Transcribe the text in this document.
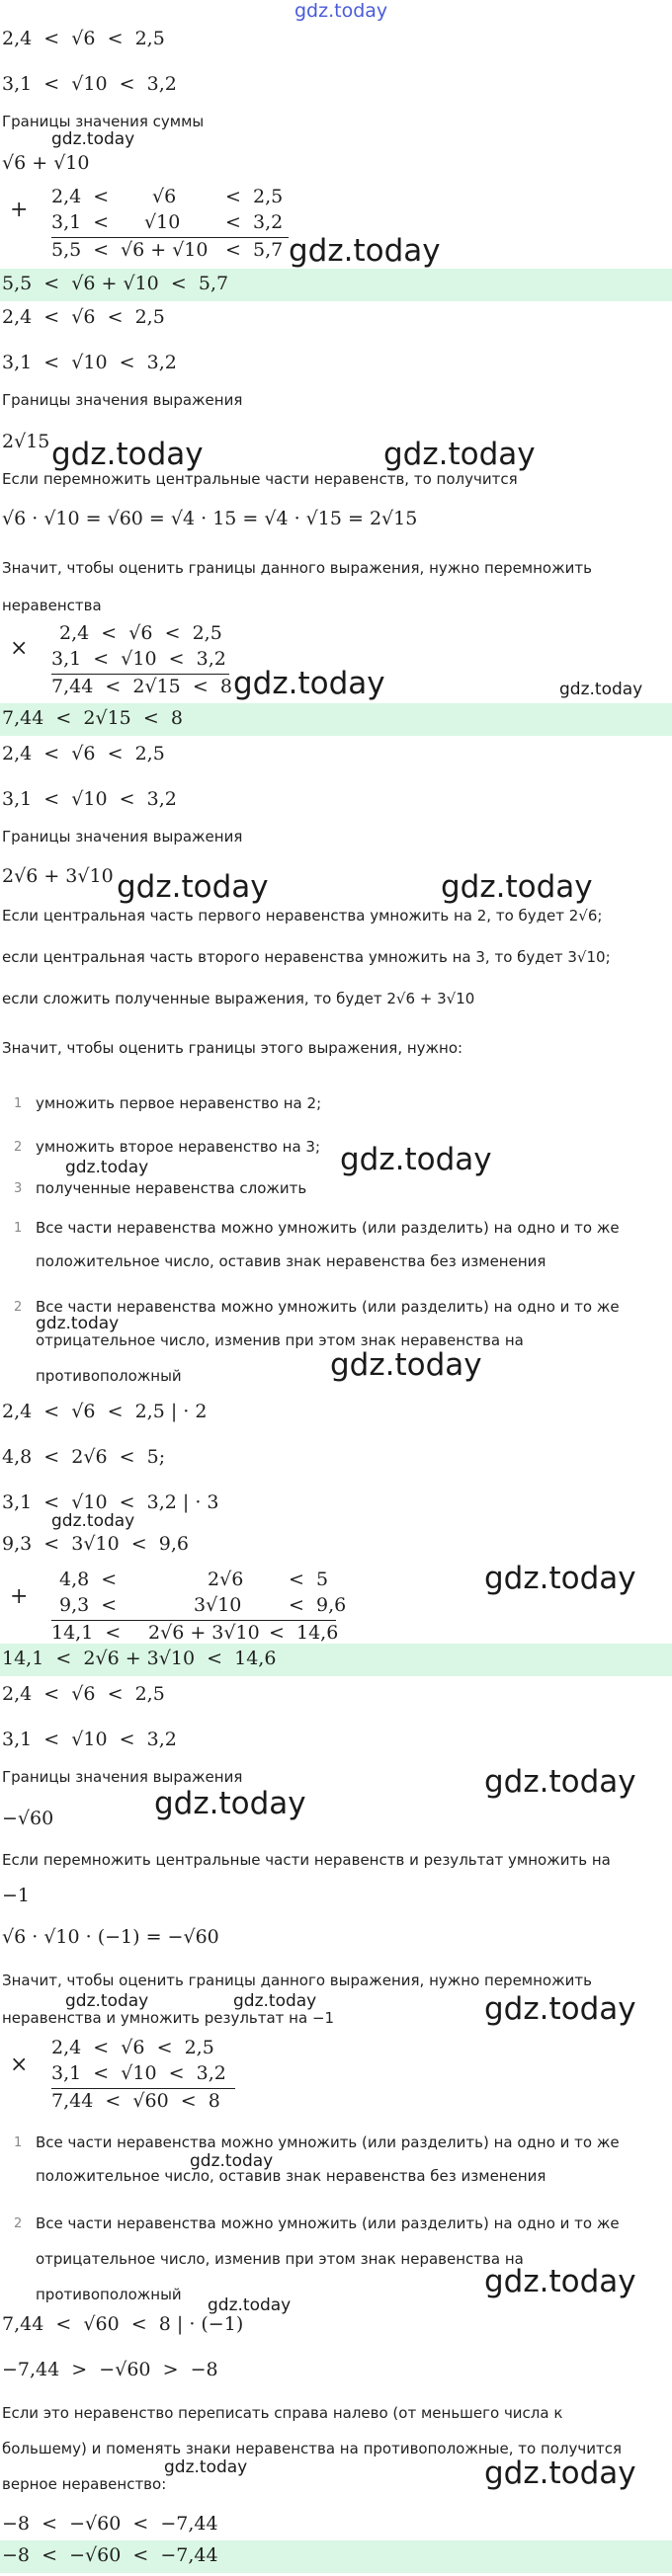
gdz.today
2,4  <  √6  <  2,5
3,1  <  √10  <  3,2
Границы значения суммы
gdz.today
√6 + √10
+
2,4  < √6	<  2,5
3,1  < √10 <  3,2
5,5  < √6 + √10 <  5,7 gdz.today
5,5  <  √6 + √10  <  5,7
2,4  <  √6  <  2,5
3,1  <  √10  <  3,2
Границы значения выражения
2√15 gdz.today	gdz.today
Если перемножить центральные части неравенств, то получится
√6 · √10 = √60 = √4 · 15 = √4 · √15 = 2√15
Значит, чтобы оценить границы данного выражения, нужно перемножить
неравенства
×
2,4  <  √6  <  2,5
3,1  <  √10  <  3,2
7,44  <  2√15  <  8 gdz.today	gdz.today
7,44  <  2√15  <  8
2,4  <  √6  <  2,5
3,1  <  √10  <  3,2
Границы значения выражения
2√6 + 3√10 gdz.today	gdz.today
Если центральная часть первого неравенства умножить на 2, то будет 2√6;
если центральная часть второго неравенства умножить на 3, то будет 3√10;
если сложить полученные выражения, то будет 2√6 + 3√10
Значит, чтобы оценить границы этого выражения, нужно:
1 умножить первое неравенство на 2;
2 умножить второе неравенство на 3;
gdz.today	gdz.today
3 полученные неравенства сложить
1 Все части неравенства можно умножить (или разделить) на одно и то же
положительное число, оставив знак неравенства без изменения
2 Все части неравенства можно умножить (или разделить) на одно и то же
gdz.today
отрицательное число, изменив при этом знак неравенства на
противоположный	gdz.today
2,4  <  √6  <  2,5 | · 2
4,8  <  2√6  <  5;
3,1  <  √10  <  3,2 | · 3
gdz.today
9,3  <  3√10  <  9,6
+
4,8  <	2√6 <  5
9,3  <	3√10	<  9,6
14,1  < 2√6 + 3√10 <  14,6
gdz.today
14,1  <  2√6 + 3√10  <  14,6
2,4  <  √6  <  2,5
3,1  <  √10  <  3,2
Границы значения выражения	gdz.today
−√60	gdz.today
Если перемножить центральные части неравенств и результат умножить на
−1
√6 · √10 · (−1) = −√60
Значит, чтобы оценить границы данного выражения, нужно перемножить
gdz.today	gdz.today	gdz.today
неравенства и умножить результат на −1
×
2,4  <  √6  <  2,5
3,1  <  √10  <  3,2
7,44  <  √60  <  8
1 Все части неравенства можно умножить (или разделить) на одно и то же
gdz.today
положительное число, оставив знак неравенства без изменения
2 Все части неравенства можно умножить (или разделить) на одно и то же
отрицательное число, изменив при этом знак неравенства на
противоположный
gdz.today
gdz.today
7,44  <  √60  <  8 | · (−1)
−7,44  >  −√60  >  −8
Если это неравенство переписать справа налево (от меньшего числа к
большему) и поменять знаки неравенства на противоположные, то получится
gdz.today	gdz.today
верное неравенство:
−8  <  −√60  <  −7,44
−8  <  −√60  <  −7,44
